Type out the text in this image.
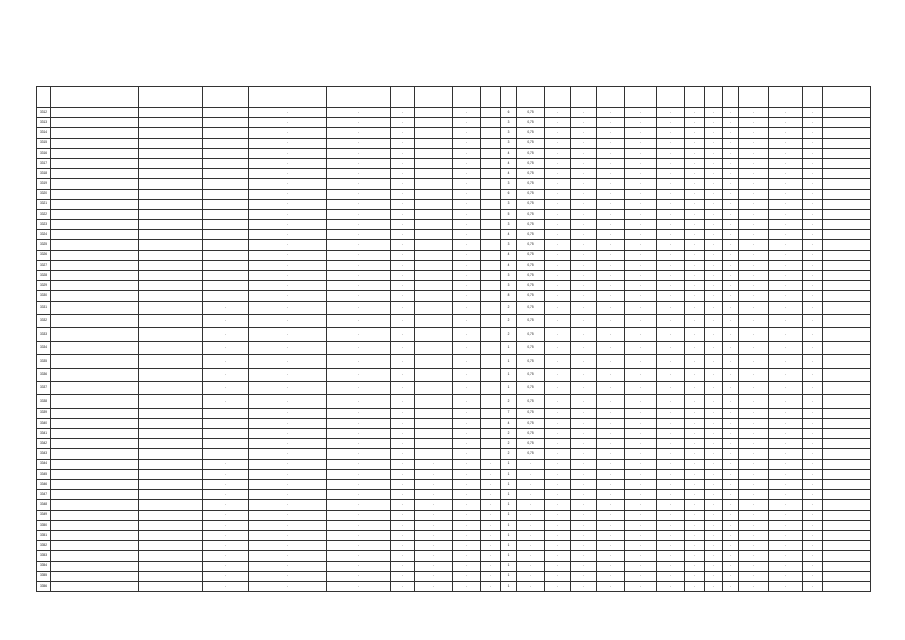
3312				-	-	-		-		6	0,75	-	-	-	-	-	-	-	-	-	-	-		
3313				-	-	-		-		3	0,75	-	-	-	-	-	-	-	-	-	-	-		
3314				-	-	-		-		3	0,75	-	-	-	-	-	-	-	-	-	-	-		
3315				-	-	-		-		3	0,75	-	-	-	-	-	-	-	-	-	-	-		
3316				-	-	-		-		4	0,75	-	-	-	-	-	-	-	-	-	-	-		
3317				-	-	-		-		4	0,75	-	-	-	-	-	-	-	-	-	-	-		
3318				-	-	-		-		4	0,75	-	-	-	-	-	-	-	-	-	-	-		
3319				-	-	-		-		3	0,75	-	-	-	-	-	-	-	-	-	-	-		
3320				-	-	-		-		6	0,75	-	-	-	-	-	-	-	-	-	-	-		
3321				-	-	-		-		3	0,75	-	-	-	-	-	-	-	-	-	-	-		
3322				-	-	-		-		5	0,75	-	-	-	-	-	-	-	-	-	-	-		
3323				-	-	-		-		3	0,75	-	-	-	-	-	-	-	-	-	-	-		
3324				-	-	-		-		4	0,75	-	-	-	-	-	-	-	-	-	-	-		
3325				-	-	-		-		3	0,75	-	-	-	-	-	-	-	-	-	-	-		
3326				-	-	-		-		4	0,75	-	-	-	-	-	-	-	-	-	-	-		
3327				-	-	-		-		4	0,75	-	-	-	-	-	-	-	-	-	-	-		
3328				-	-	-		-		3	0,75	-	-	-	-	-	-	-	-	-	-	-		
3329				-	-	-		-		3	0,75	-	-	-	-	-	-	-	-	-	-	-		
3330				-	-	-		-		8	0,75	-	-	-	-	-	-	-	-	-	-	-		
3331			-	-	-	-		-		2	0,75	-	-	-	-	-	-	-	-	-	-	-		
3332			-	-	-	-		-		2	0,75	-	-	-	-	-	-	-	-	-	-	-		
3333			-	-	-	-		-		2	0,75	-	-	-	-	-	-	-	-	-	-	-		
3334			-	-	-	-		-		1	0,75	-	-	-	-	-	-	-	-	-	-	-		
3335			-	-	-	-		-		1	0,75	-	-	-	-	-	-	-	-	-	-	-		
3336			-	-	-	-		-		1	0,75	-	-	-	-	-	-	-	-	-	-	-		
3337			-	-	-	-		-		1	0,75	-	-	-	-	-	-	-	-	-	-	-		
3338			-	-	-	-		-		2	0,75	-	-	-	-	-	-	-	-	-	-	-		
3339				-	-	-		-		7	0,75	-	-	-	-	-	-	-	-	-	-	-		
3340				-	-	-		-		4	0,75	-	-	-	-	-	-	-	-	-	-	-		
3341				-	-	-		-		2	0,75	-	-	-	-	-	-	-	-	-	-	-		
3342				-	-	-		-		2	0,75	-	-	-	-	-	-	-	-	-	-	-		
3343				-	-	-		-		2	0,75	-	-	-	-	-	-	-	-	-	-	-		
3344			-	-	-	-	-	-	-	1	-	-	-	-	-	-	-	-	-	-	-	-		
3345			-	-	-	-	-	-	-	1	-	-	-	-	-	-	-	-	-	-	-	-		
3346			-	-	-	-	-	-	-	1	-	-	-	-	-	-	-	-	-	-	-	-		
3347			-	-	-	-	-	-	-	1	-	-	-	-	-	-	-	-	-	-	-	-		
3348			-	-	-	-	-	-	-	1	-	-	-	-	-	-	-	-	-	-	-	-		
3349			-	-	-	-	-	-	-	1	-	-	-	-	-	-	-	-	-	-	-	-		
3350			-	-	-	-	-	-	-	1	-	-	-	-	-	-	-	-	-	-	-	-		
3351			-	-	-	-	-	-	-	1	-	-	-	-	-	-	-	-	-	-	-	-		
3352			-	-	-	-	-	-	-	1	-	-	-	-	-	-	-	-	-	-	-	-		
3353			-	-	-	-	-	-	-	1	-	-	-	-	-	-	-	-	-	-	-	-		
3354			-	-	-	-	-	-	-	1	-	-	-	-	-	-	-	-	-	-	-	-		
3355			-	-	-	-	-	-	-	1	-	-	-	-	-	-	-	-	-	-	-	-		
3356			-	-	-	-	-	-	-	1	-	-	-	-	-	-	-	-	-	-	-	-		
